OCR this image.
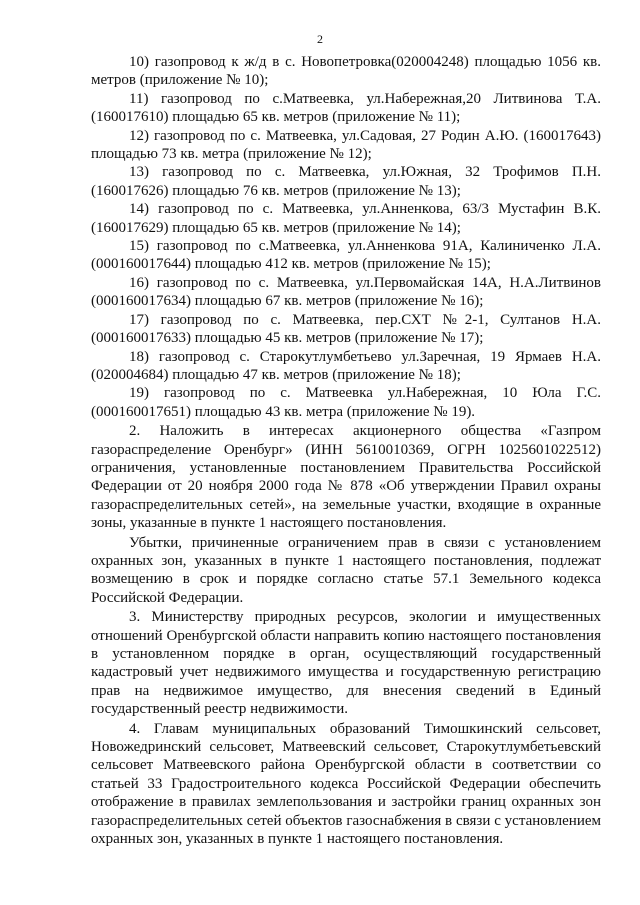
2

10) газопровод к ж/д в с. Новопетровка(020004248) площадью 1056 кв. метров (приложение № 10);

11) газопровод по с.Матвеевка, ул.Набережная,20 Литвинова Т.А. (160017610) площадью 65 кв. метров (приложение № 11);

12) газопровод по с. Матвеевка, ул.Садовая, 27 Родин А.Ю. (160017643) площадью 73 кв. метра (приложение № 12);

13) газопровод по с. Матвеевка, ул.Южная, 32 Трофимов П.Н. (160017626) площадью 76 кв. метров (приложение № 13);

14) газопровод по с. Матвеевка, ул.Анненкова, 63/3 Мустафин В.К. (160017629) площадью 65 кв. метров (приложение № 14);

15) газопровод по с.Матвеевка, ул.Анненкова 91А, Калиниченко Л.А. (000160017644) площадью 412 кв. метров (приложение № 15);

16) газопровод по с. Матвеевка, ул.Первомайская 14А, Н.А.Литвинов (000160017634) площадью 67 кв. метров (приложение № 16);

17) газопровод по с. Матвеевка, пер.СХТ №2-1, Султанов Н.А. (000160017633) площадью 45 кв. метров (приложение № 17);

18) газопровод с. Старокутлумбетьево ул.Заречная, 19 Ярмаев Н.А. (020004684) площадью 47 кв. метров (приложение № 18);

19) газопровод по с. Матвеевка ул.Набережная, 10 Юла Г.С. (000160017651) площадью 43 кв. метра (приложение № 19).

2. Наложить в интересах акционерного общества «Газпром газораспределение Оренбург» (ИНН 5610010369, ОГРН 1025601022512) ограничения, установленные постановлением Правительства Российской Федерации от 20 ноября 2000 года № 878 «Об утверждении Правил охраны газораспределительных сетей», на земельные участки, входящие в охранные зоны, указанные в пункте 1 настоящего постановления.

Убытки, причиненные ограничением прав в связи с установлением охранных зон, указанных в пункте 1 настоящего постановления, подлежат возмещению в срок и порядке согласно статье 57.1 Земельного кодекса Российской Федерации.

3. Министерству природных ресурсов, экологии и имущественных отношений Оренбургской области направить копию настоящего постановления в установленном порядке в орган, осуществляющий государственный кадастровый учет недвижимого имущества и государственную регистрацию прав на недвижимое имущество, для внесения сведений в Единый государственный реестр недвижимости.

4. Главам муниципальных образований Тимошкинский сельсовет, Новожедринский сельсовет, Матвеевский сельсовет, Старокутлумбетьевский сельсовет Матвеевского района Оренбургской области в соответствии со статьей 33 Градостроительного кодекса Российской Федерации обеспечить отображение в правилах землепользования и застройки границ охранных зон газораспределительных сетей объектов газоснабжения в связи с установлением охранных зон, указанных в пункте 1 настоящего постановления.
